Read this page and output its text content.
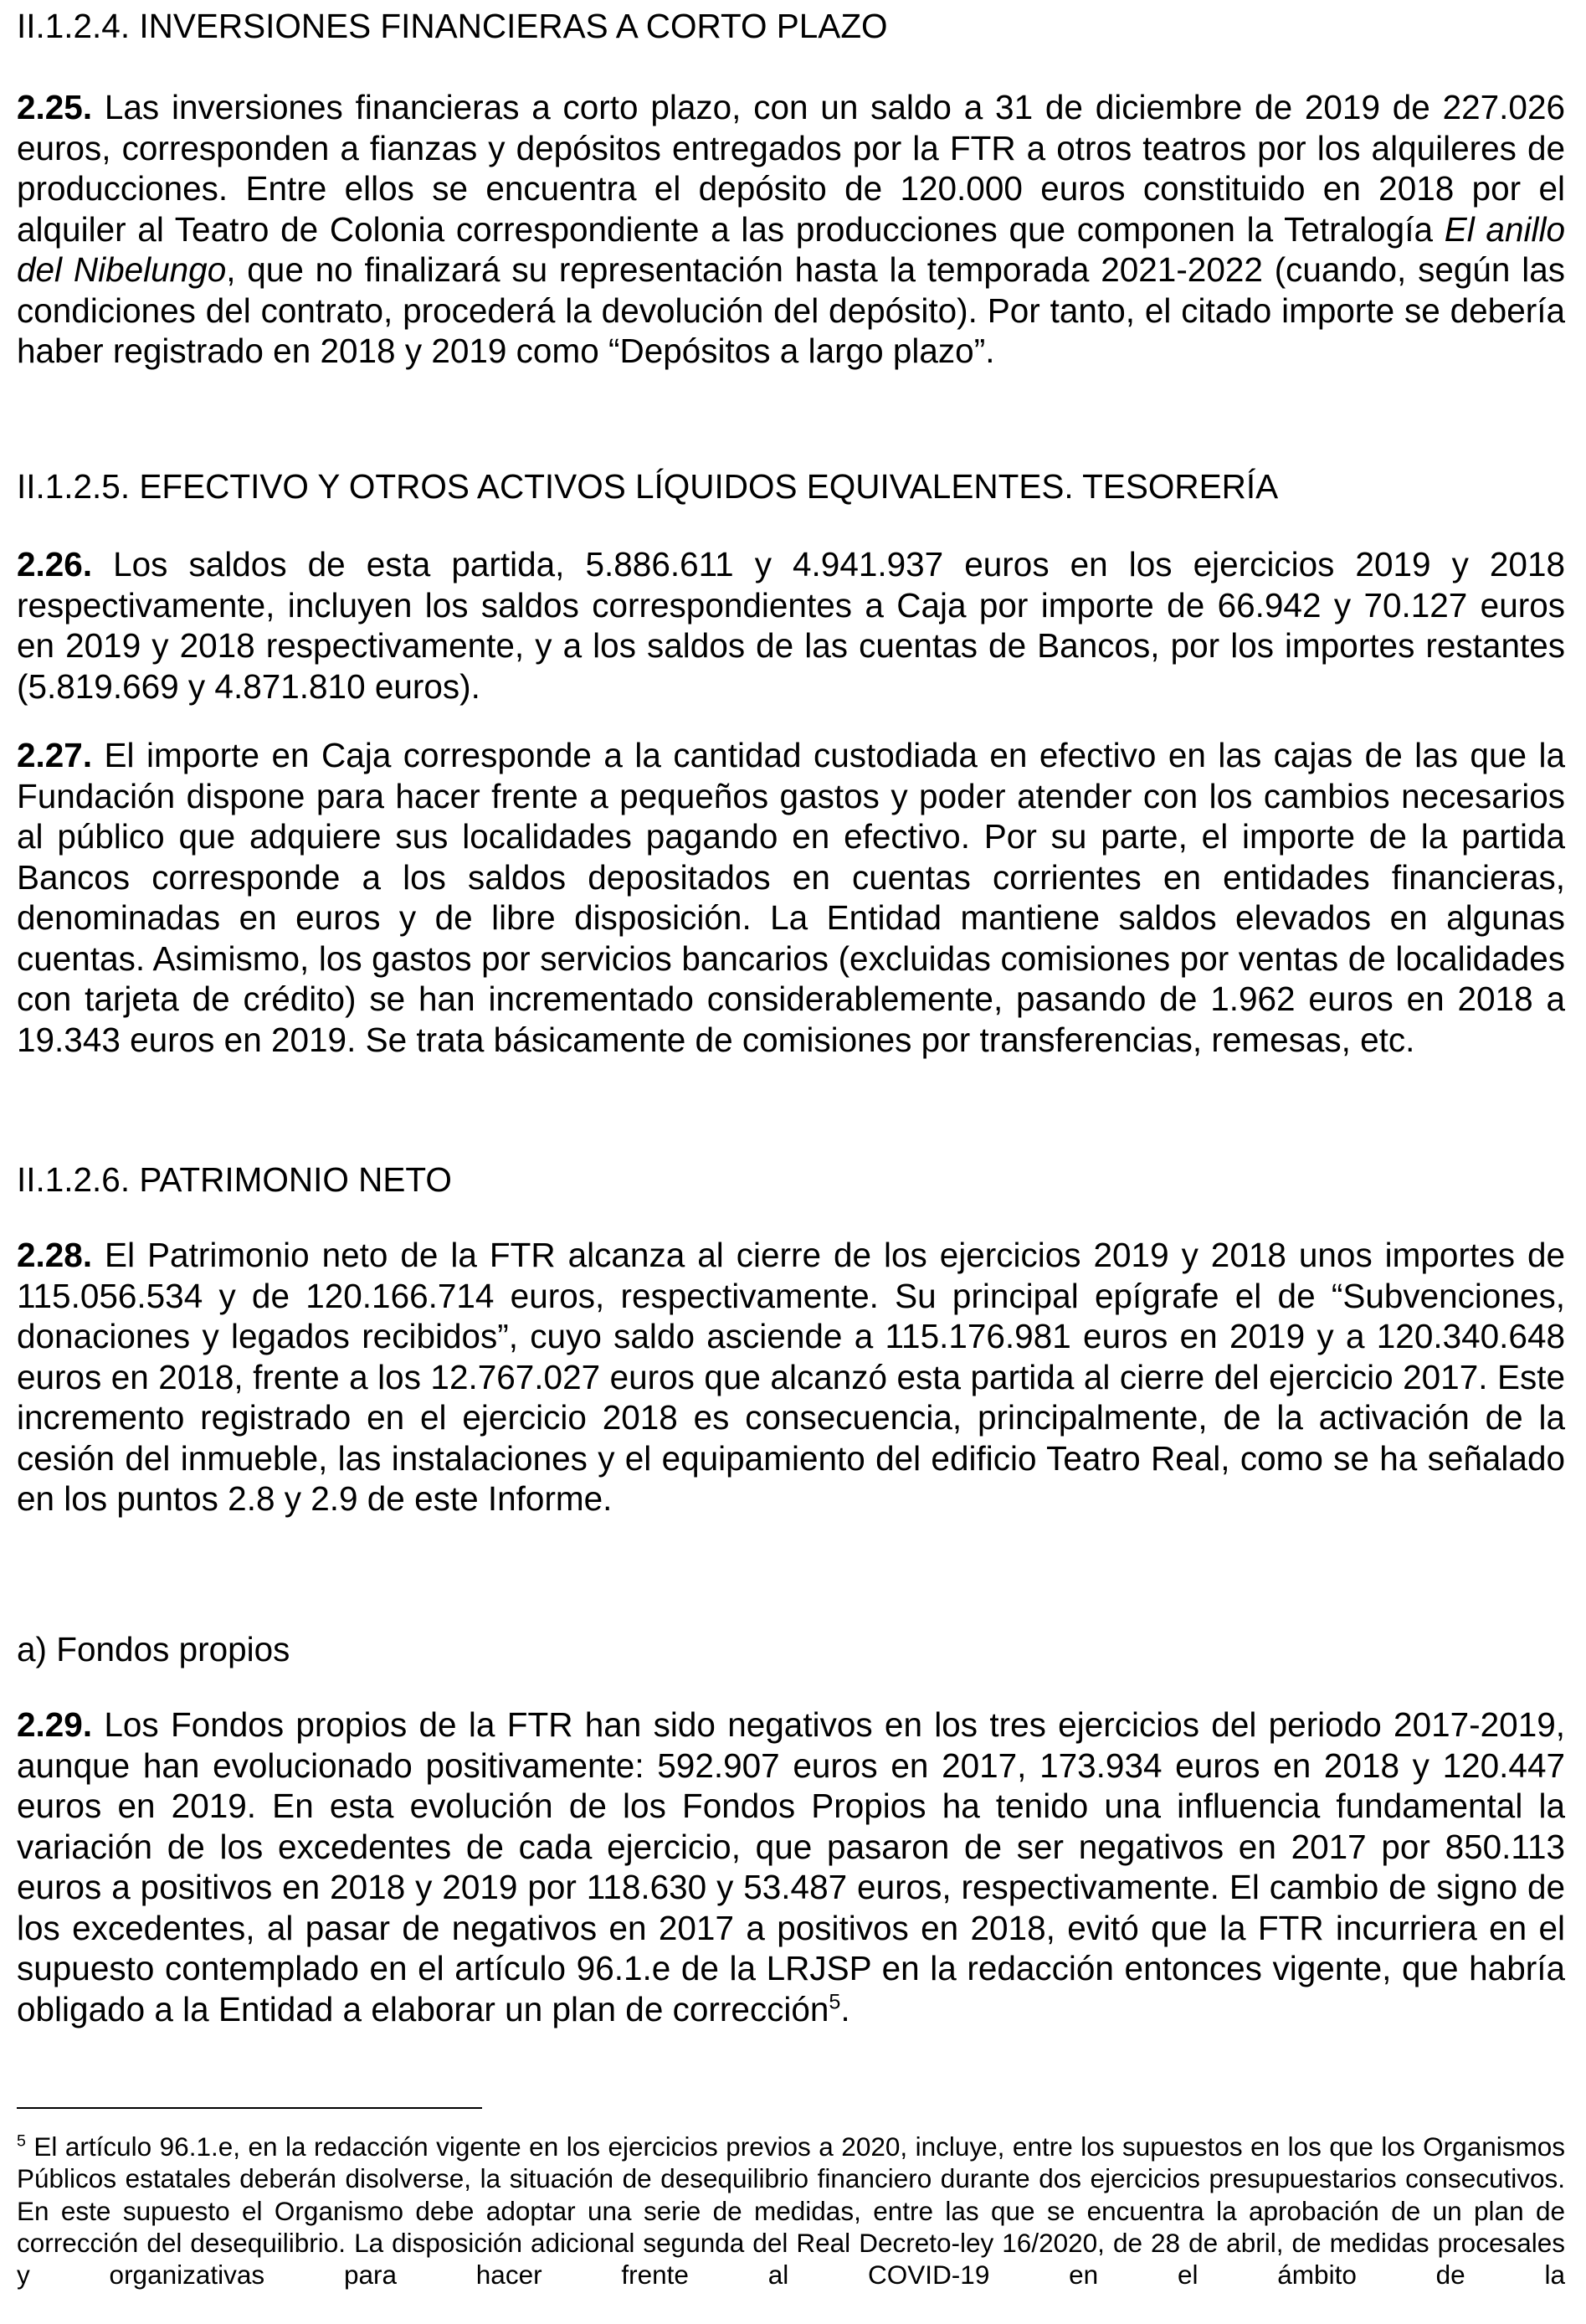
II.1.2.4. INVERSIONES FINANCIERAS A CORTO PLAZO

2.25. Las inversiones financieras a corto plazo, con un saldo a 31 de diciembre de 2019 de 227.026 euros, corresponden a fianzas y depósitos entregados por la FTR a otros teatros por los alquileres de producciones. Entre ellos se encuentra el depósito de 120.000 euros constituido en 2018 por el alquiler al Teatro de Colonia correspondiente a las producciones que componen la Tetralogía El anillo del Nibelungo, que no finalizará su representación hasta la temporada 2021-2022 (cuando, según las condiciones del contrato, procederá la devolución del depósito). Por tanto, el citado importe se debería haber registrado en 2018 y 2019 como “Depósitos a largo plazo”.

II.1.2.5. EFECTIVO Y OTROS ACTIVOS LÍQUIDOS EQUIVALENTES. TESORERÍA

2.26. Los saldos de esta partida, 5.886.611 y 4.941.937 euros en los ejercicios 2019 y 2018 respectivamente, incluyen los saldos correspondientes a Caja por importe de 66.942 y 70.127 euros en 2019 y 2018 respectivamente, y a los saldos de las cuentas de Bancos, por los importes restantes (5.819.669 y 4.871.810 euros).

2.27. El importe en Caja corresponde a la cantidad custodiada en efectivo en las cajas de las que la Fundación dispone para hacer frente a pequeños gastos y poder atender con los cambios necesarios al público que adquiere sus localidades pagando en efectivo. Por su parte, el importe de la partida Bancos corresponde a los saldos depositados en cuentas corrientes en entidades financieras, denominadas en euros y de libre disposición. La Entidad mantiene saldos elevados en algunas cuentas. Asimismo, los gastos por servicios bancarios (excluidas comisiones por ventas de localidades con tarjeta de crédito) se han incrementado considerablemente, pasando de 1.962 euros en 2018 a 19.343 euros en 2019. Se trata básicamente de comisiones por transferencias, remesas, etc.

II.1.2.6. PATRIMONIO NETO

2.28. El Patrimonio neto de la FTR alcanza al cierre de los ejercicios 2019 y 2018 unos importes de 115.056.534 y de 120.166.714 euros, respectivamente. Su principal epígrafe el de “Subvenciones, donaciones y legados recibidos”, cuyo saldo asciende a 115.176.981 euros en 2019 y a 120.340.648 euros en 2018, frente a los 12.767.027 euros que alcanzó esta partida al cierre del ejercicio 2017. Este incremento registrado en el ejercicio 2018 es consecuencia, principalmente, de la activación de la cesión del inmueble, las instalaciones y el equipamiento del edificio Teatro Real, como se ha señalado en los puntos 2.8 y 2.9 de este Informe.

a) Fondos propios

2.29. Los Fondos propios de la FTR han sido negativos en los tres ejercicios del periodo 2017-2019, aunque han evolucionado positivamente: 592.907 euros en 2017, 173.934 euros en 2018 y 120.447 euros en 2019. En esta evolución de los Fondos Propios ha tenido una influencia fundamental la variación de los excedentes de cada ejercicio, que pasaron de ser negativos en 2017 por 850.113 euros a positivos en 2018 y 2019 por 118.630 y 53.487 euros, respectivamente. El cambio de signo de los excedentes, al pasar de negativos en 2017 a positivos en 2018, evitó que la FTR incurriera en el supuesto contemplado en el artículo 96.1.e de la LRJSP en la redacción entonces vigente, que habría obligado a la Entidad a elaborar un plan de corrección$^5$.

$^5$ El artículo 96.1.e, en la redacción vigente en los ejercicios previos a 2020, incluye, entre los supuestos en los que los Organismos Públicos estatales deberán disolverse, la situación de desequilibrio financiero durante dos ejercicios presupuestarios consecutivos. En este supuesto el Organismo debe adoptar una serie de medidas, entre las que se encuentra la aprobación de un plan de corrección del desequilibrio. La disposición adicional segunda del Real Decreto-ley 16/2020, de 28 de abril, de medidas procesales y organizativas para hacer frente al COVID-19 en el ámbito de la
